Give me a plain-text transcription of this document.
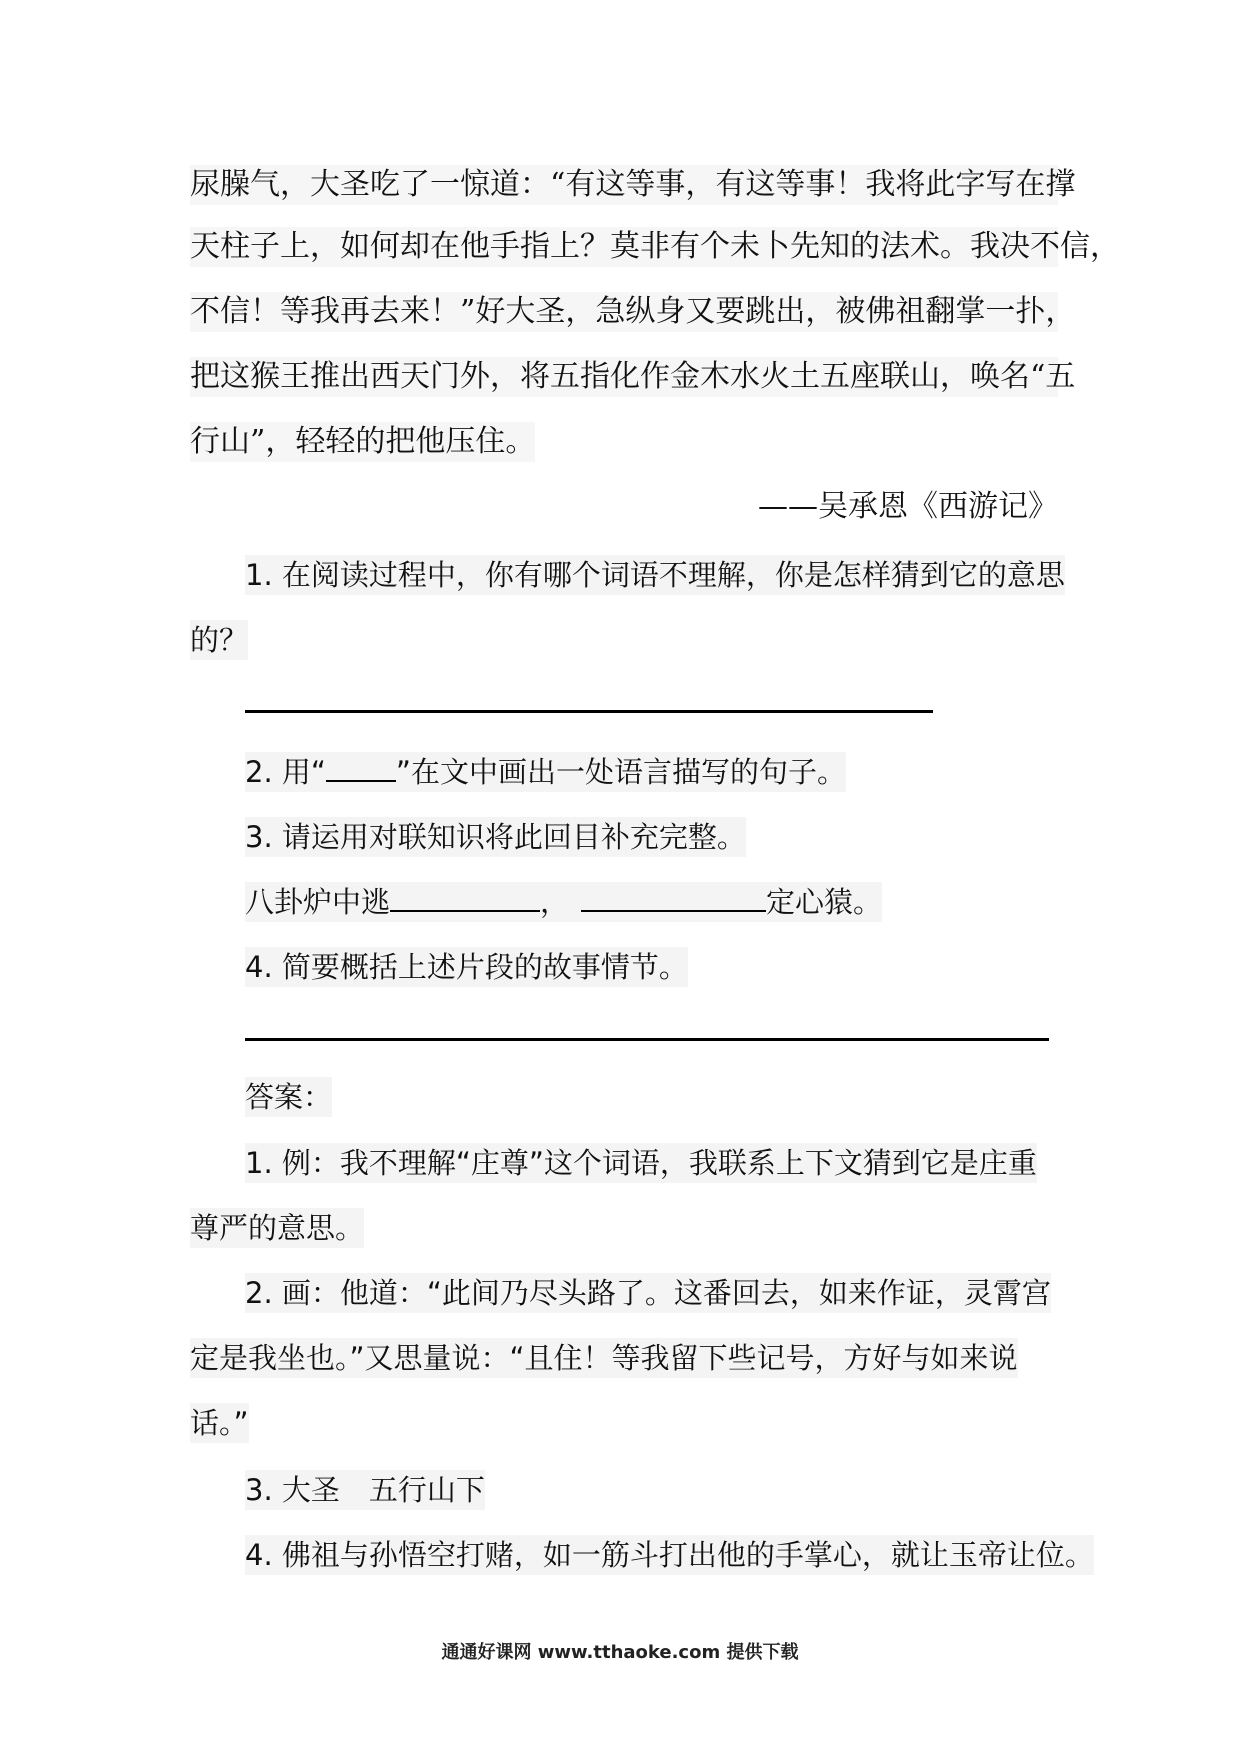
尿臊气，大圣吃了一惊道：“有这等事，有这等事！我将此字写在撑
天柱子上，如何却在他手指上？莫非有个未卜先知的法术。我决不信，
不信！等我再去来！”好大圣，急纵身又要跳出，被佛祖翻掌一扑，
把这猴王推出西天门外，将五指化作金木水火土五座联山，唤名“五
行山”，轻轻的把他压住。
——吴承恩《西游记》
1. 在阅读过程中，你有哪个词语不理解，你是怎样猜到它的意思
的？
2. 用“ ”在文中画出一处语言描写的句子。
3. 请运用对联知识将此回目补充完整。
八卦炉中逃	，	定心猿。
4. 简要概括上述片段的故事情节。
答案：
1. 例：我不理解“庄尊”这个词语，我联系上下文猜到它是庄重
尊严的意思。
2. 画：他道：“此间乃尽头路了。这番回去，如来作证，灵霄宫
定是我坐也。”又思量说：“且住！等我留下些记号，方好与如来说
话。”
3. 大圣　五行山下
4. 佛祖与孙悟空打赌，如一筋斗打出他的手掌心，就让玉帝让位。
通通好课网 www.tthaoke.com 提供下载
